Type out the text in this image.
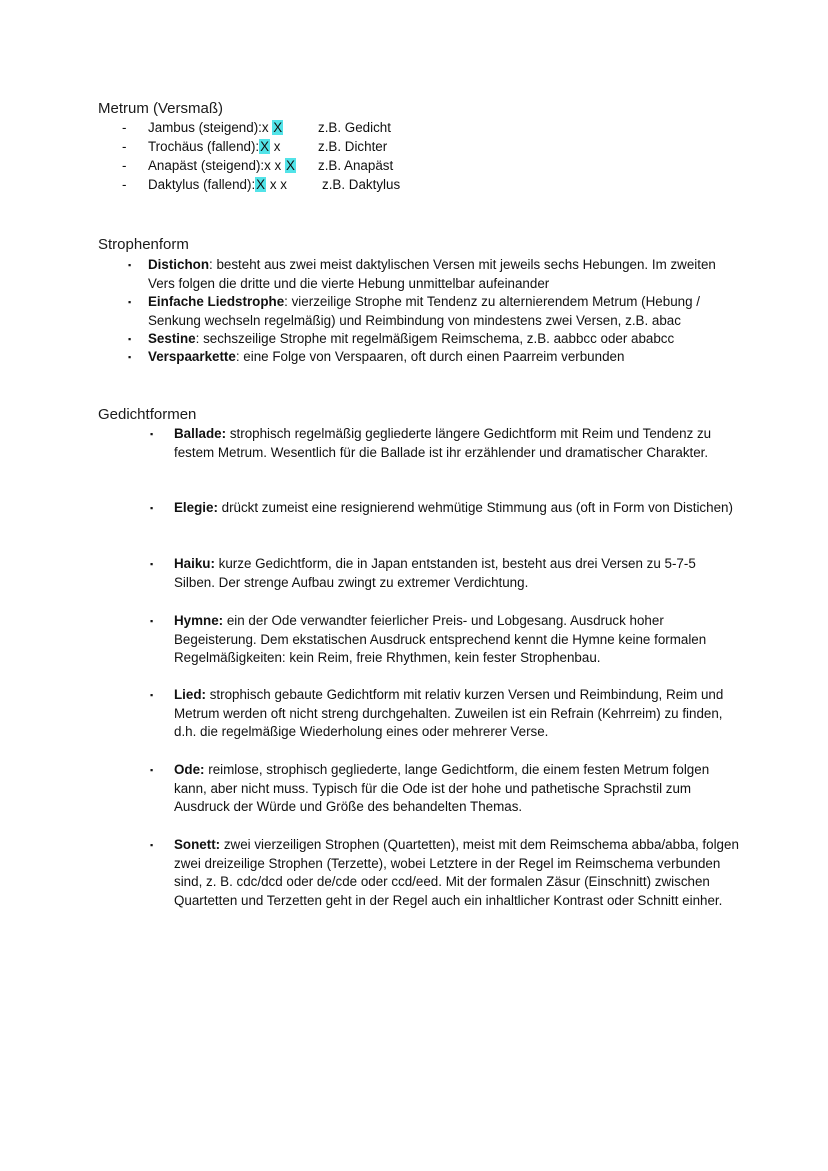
Metrum (Versmaß)
- Jambus (steigend):x X	z.B. Gedicht
- Trochäus (fallend):X x	z.B. Dichter
- Anapäst (steigend):x x X z.B. Anapäst
- Daktylus (fallend):X x x	z.B. Daktylus
Strophenform
▪ Distichon: besteht aus zwei meist daktylischen Versen mit jeweils sechs Hebungen. Im zweiten Vers folgen die dritte und die vierte Hebung unmittelbar aufeinander
▪ Einfache Liedstrophe: vierzeilige Strophe mit Tendenz zu alternierendem Metrum (Hebung / Senkung wechseln regelmäßig) und Reimbindung von mindestens zwei Versen, z.B. abac
▪ Sestine: sechszeilige Strophe mit regelmäßigem Reimschema, z.B. aabbcc oder ababcc
▪ Verspaarkette: eine Folge von Verspaaren, oft durch einen Paarreim verbunden
Gedichtformen
▪ Ballade: strophisch regelmäßig gegliederte längere Gedichtform mit Reim und Tendenz zu festem Metrum. Wesentlich für die Ballade ist ihr erzählender und dramatischer Charakter.
▪ Elegie: drückt zumeist eine resignierend wehmütige Stimmung aus (oft in Form von Distichen)
▪ Haiku: kurze Gedichtform, die in Japan entstanden ist, besteht aus drei Versen zu 5-7-5 Silben. Der strenge Aufbau zwingt zu extremer Verdichtung.
▪ Hymne: ein der Ode verwandter feierlicher Preis- und Lobgesang. Ausdruck hoher Begeisterung. Dem ekstatischen Ausdruck entsprechend kennt die Hymne keine formalen Regelmäßigkeiten: kein Reim, freie Rhythmen, kein fester Strophenbau.
▪ Lied: strophisch gebaute Gedichtform mit relativ kurzen Versen und Reimbindung, Reim und Metrum werden oft nicht streng durchgehalten. Zuweilen ist ein Refrain (Kehrreim) zu finden, d.h. die regelmäßige Wiederholung eines oder mehrerer Verse.
▪ Ode: reimlose, strophisch gegliederte, lange Gedichtform, die einem festen Metrum folgen kann, aber nicht muss. Typisch für die Ode ist der hohe und pathetische Sprachstil zum Ausdruck der Würde und Größe des behandelten Themas.
▪ Sonett: zwei vierzeiligen Strophen (Quartetten), meist mit dem Reimschema abba/abba, folgen zwei dreizeilige Strophen (Terzette), wobei Letztere in der Regel im Reimschema verbunden sind, z. B. cdc/dcd oder de/cde oder ccd/eed. Mit der formalen Zäsur (Einschnitt) zwischen Quartetten und Terzetten geht in der Regel auch ein inhaltlicher Kontrast oder Schnitt einher.
